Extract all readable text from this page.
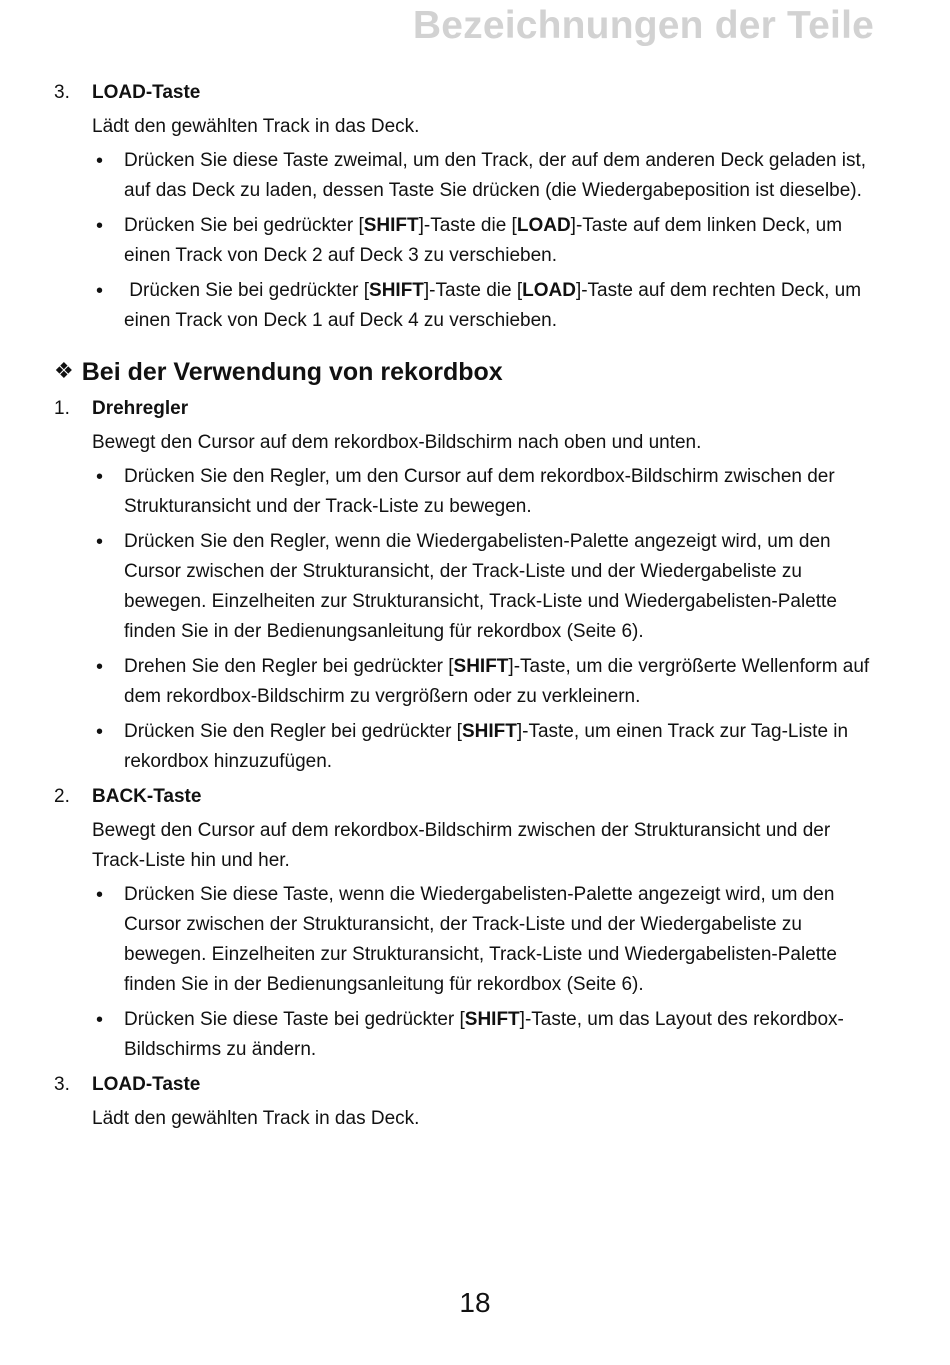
Bezeichnungen der Teile
3. LOAD-Taste
Lädt den gewählten Track in das Deck.
• Drücken Sie diese Taste zweimal, um den Track, der auf dem anderen Deck geladen ist, auf das Deck zu laden, dessen Taste Sie drücken (die Wiedergabeposition ist dieselbe).
• Drücken Sie bei gedrückter [SHIFT]-Taste die [LOAD]-Taste auf dem linken Deck, um einen Track von Deck 2 auf Deck 3 zu verschieben.
•  Drücken Sie bei gedrückter [SHIFT]-Taste die [LOAD]-Taste auf dem rechten Deck, um einen Track von Deck 1 auf Deck 4 zu verschieben.
❖ Bei der Verwendung von rekordbox
1. Drehregler
Bewegt den Cursor auf dem rekordbox-Bildschirm nach oben und unten.
• Drücken Sie den Regler, um den Cursor auf dem rekordbox-Bildschirm zwischen der Strukturansicht und der Track-Liste zu bewegen.
• Drücken Sie den Regler, wenn die Wiedergabelisten-Palette angezeigt wird, um den Cursor zwischen der Strukturansicht, der Track-Liste und der Wiedergabeliste zu bewegen. Einzelheiten zur Strukturansicht, Track-Liste und Wiedergabelisten-Palette finden Sie in der Bedienungsanleitung für rekordbox (Seite 6).
• Drehen Sie den Regler bei gedrückter [SHIFT]-Taste, um die vergrößerte Wellenform auf dem rekordbox-Bildschirm zu vergrößern oder zu verkleinern.
• Drücken Sie den Regler bei gedrückter [SHIFT]-Taste, um einen Track zur Tag-Liste in rekordbox hinzuzufügen.
2. BACK-Taste
Bewegt den Cursor auf dem rekordbox-Bildschirm zwischen der Strukturansicht und der Track-Liste hin und her.
• Drücken Sie diese Taste, wenn die Wiedergabelisten-Palette angezeigt wird, um den Cursor zwischen der Strukturansicht, der Track-Liste und der Wiedergabeliste zu bewegen. Einzelheiten zur Strukturansicht, Track-Liste und Wiedergabelisten-Palette finden Sie in der Bedienungsanleitung für rekordbox (Seite 6).
• Drücken Sie diese Taste bei gedrückter [SHIFT]-Taste, um das Layout des rekordbox-Bildschirms zu ändern.
3. LOAD-Taste
Lädt den gewählten Track in das Deck.
18
